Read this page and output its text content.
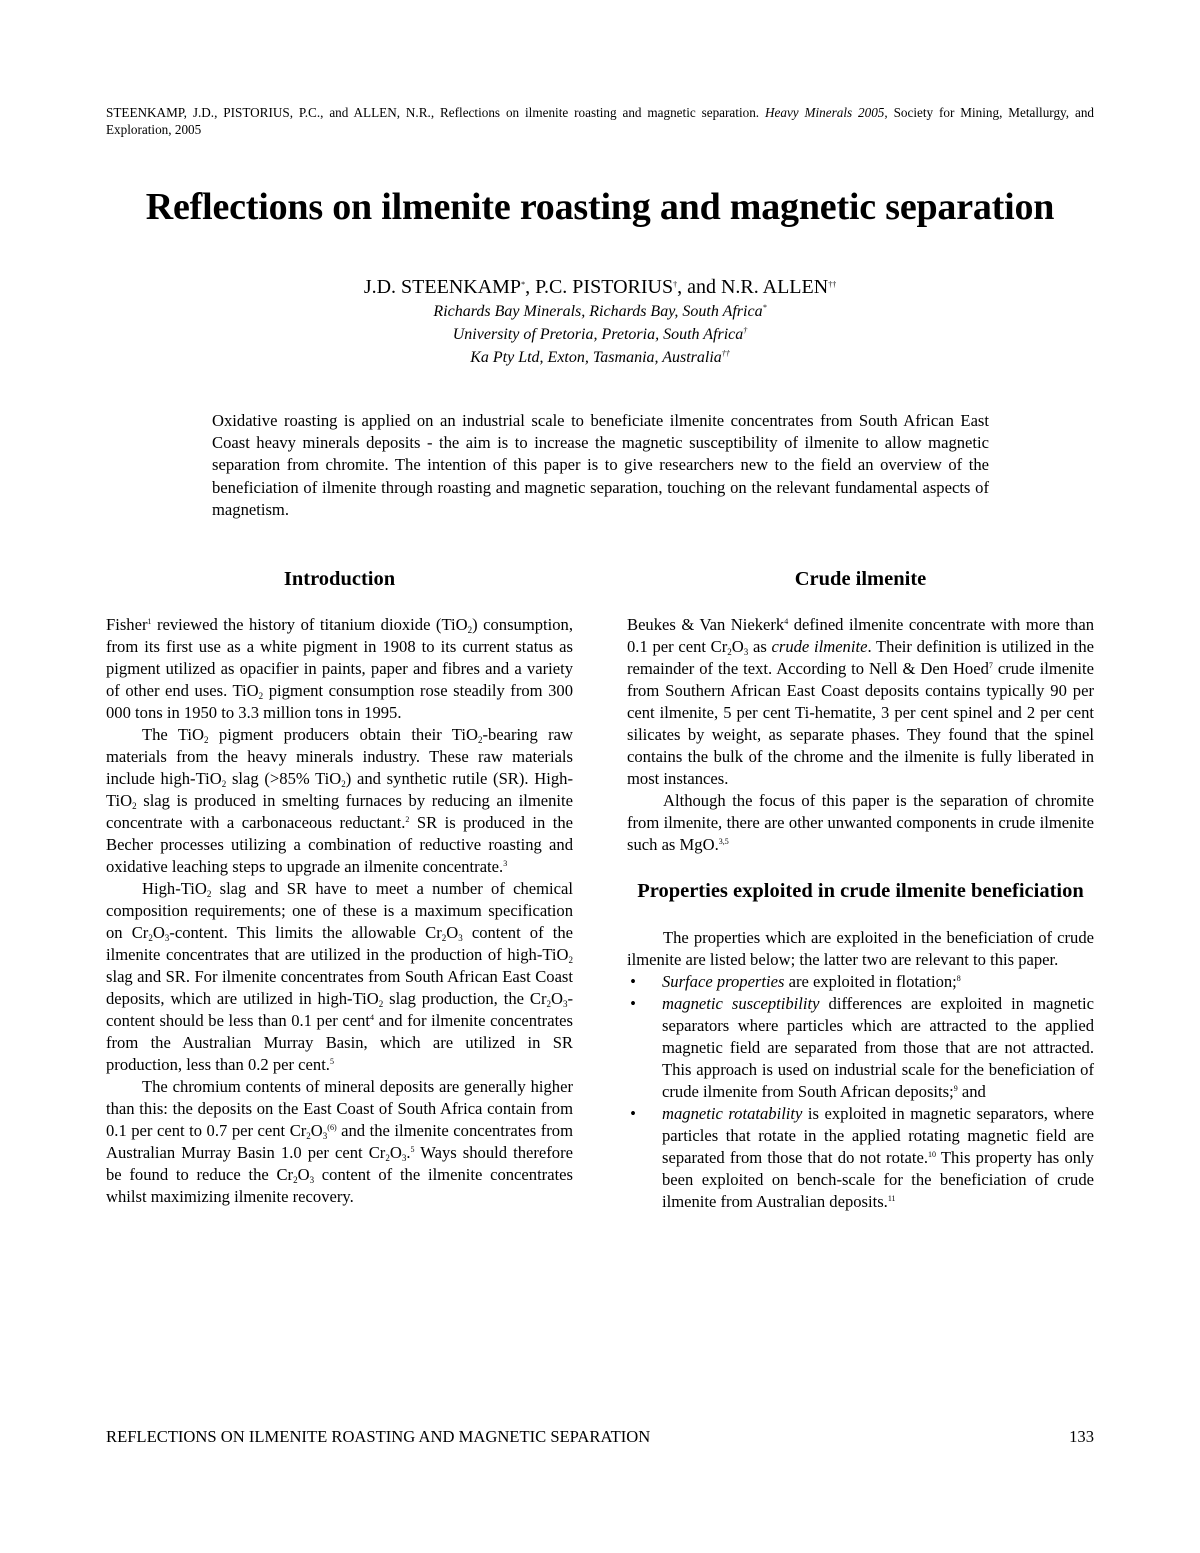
STEENKAMP, J.D., PISTORIUS, P.C., and ALLEN, N.R., Reflections on ilmenite roasting and magnetic separation. Heavy Minerals 2005, Society for Mining, Metallurgy, and Exploration, 2005
Reflections on ilmenite roasting and magnetic separation
J.D. STEENKAMP*, P.C. PISTORIUS†, and N.R. ALLEN††
Richards Bay Minerals, Richards Bay, South Africa*
University of Pretoria, Pretoria, South Africa†
Ka Pty Ltd, Exton, Tasmania, Australia††
Oxidative roasting is applied on an industrial scale to beneficiate ilmenite concentrates from South African East Coast heavy minerals deposits - the aim is to increase the magnetic susceptibility of ilmenite to allow magnetic separation from chromite. The intention of this paper is to give researchers new to the field an overview of the beneficiation of ilmenite through roasting and magnetic separation, touching on the relevant fundamental aspects of magnetism.
Introduction

Fisher$^1$ reviewed the history of titanium dioxide (TiO$_2$) consumption, from its first use as a white pigment in 1908 to its current status as pigment utilized as opacifier in paints, paper and fibres and a variety of other end uses. TiO$_2$ pigment consumption rose steadily from 300 000 tons in 1950 to 3.3 million tons in 1995.

The TiO$_2$ pigment producers obtain their TiO$_2$-bearing raw materials from the heavy minerals industry. These raw materials include high-TiO$_2$ slag (>85% TiO$_2$) and synthetic rutile (SR). High-TiO$_2$ slag is produced in smelting furnaces by reducing an ilmenite concentrate with a carbonaceous reductant.$^2$ SR is produced in the Becher processes utilizing a combination of reductive roasting and oxidative leaching steps to upgrade an ilmenite concentrate.$^3$

High-TiO$_2$ slag and SR have to meet a number of chemical composition requirements; one of these is a maximum specification on $Cr_2O_3$-content. This limits the allowable $Cr_2O_3$ content of the ilmenite concentrates that are utilized in the production of high-TiO$_2$ slag and SR. For ilmenite concentrates from South African East Coast deposits, which are utilized in high-TiO$_2$ slag production, the $Cr_2O_3$-content should be less than 0.1 per cent$^4$ and for ilmenite concentrates from the Australian Murray Basin, which are utilized in SR production, less than 0.2 per cent.$^5$

The chromium contents of mineral deposits are generally higher than this: the deposits on the East Coast of South Africa contain from 0.1 per cent to 0.7 per cent $Cr_2O_3^{(6)}$ and the ilmenite concentrates from Australian Murray Basin 1.0 per cent $Cr_2O_3.^5$ Ways should therefore be found to reduce the $Cr_2O_3$ content of the ilmenite concentrates whilst maximizing ilmenite recovery.

Crude ilmenite

Beukes & Van Niekerk$^4$ defined ilmenite concentrate with more than 0.1 per cent $Cr_2O_3$ as crude ilmenite. Their definition is utilized in the remainder of the text. According to Nell & Den Hoed$^7$ crude ilmenite from Southern African East Coast deposits contains typically 90 per cent ilmenite, 5 per cent Ti-hematite, 3 per cent spinel and 2 per cent silicates by weight, as separate phases. They found that the spinel contains the bulk of the chrome and the ilmenite is fully liberated in most instances.

Although the focus of this paper is the separation of chromite from ilmenite, there are other unwanted components in crude ilmenite such as MgO.$^{3,5}$

Properties exploited in crude ilmenite beneficiation

The properties which are exploited in the beneficiation of crude ilmenite are listed below; the latter two are relevant to this paper.

• Surface properties are exploited in flotation;$^8$
• magnetic susceptibility differences are exploited in magnetic separators where particles which are attracted to the applied magnetic field are separated from those that are not attracted. This approach is used on industrial scale for the beneficiation of crude ilmenite from South African deposits;$^9$ and
• magnetic rotatability is exploited in magnetic separators, where particles that rotate in the applied rotating magnetic field are separated from those that do not rotate.$^{10}$ This property has only been exploited on bench-scale for the beneficiation of crude ilmenite from Australian deposits.$^{11}$
REFLECTIONS ON ILMENITE ROASTING AND MAGNETIC SEPARATION	133
